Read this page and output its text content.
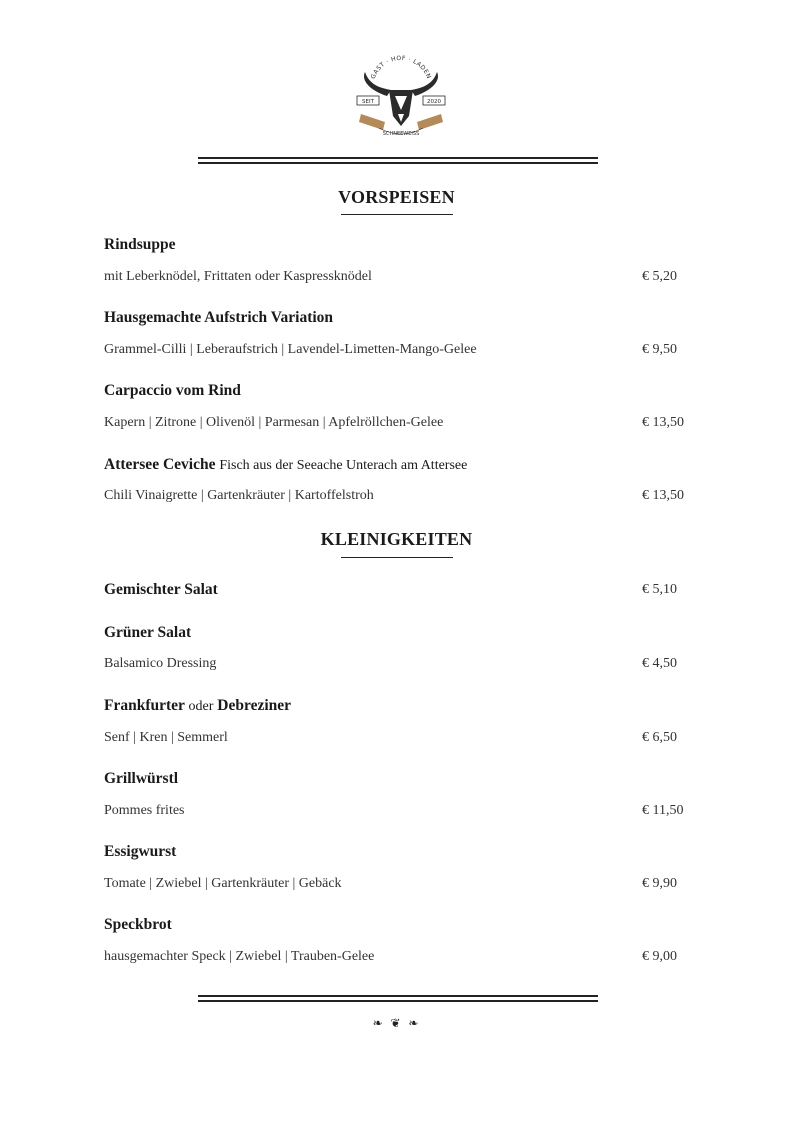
GAST · HOF · LADEN
SEIT	2020
SCHNEEWEISS
VORSPEISEN
Rindsuppe
mit Leberknödel, Frittaten oder Kaspressknödel	€ 5,20
Hausgemachte Aufstrich Variation
Grammel-Cilli | Leberaufstrich | Lavendel-Limetten-Mango-Gelee	€ 9,50
Carpaccio vom Rind
Kapern | Zitrone | Olivenöl | Parmesan | Apfelröllchen-Gelee	€ 13,50
Attersee Ceviche Fisch aus der Seeache Unterach am Attersee
Chili Vinaigrette | Gartenkräuter | Kartoffelstroh	€ 13,50
KLEINIGKEITEN
Gemischter Salat	€ 5,10
Grüner Salat
Balsamico Dressing	€ 4,50
Frankfurter oder Debreziner
Senf | Kren | Semmerl	€ 6,50
Grillwürstl
Pommes frites	€ 11,50
Essigwurst
Tomate | Zwiebel | Gartenkräuter | Gebäck	€ 9,90
Speckbrot
hausgemachter Speck | Zwiebel | Trauben-Gelee	€ 9,00
❧ ❦ ❧
